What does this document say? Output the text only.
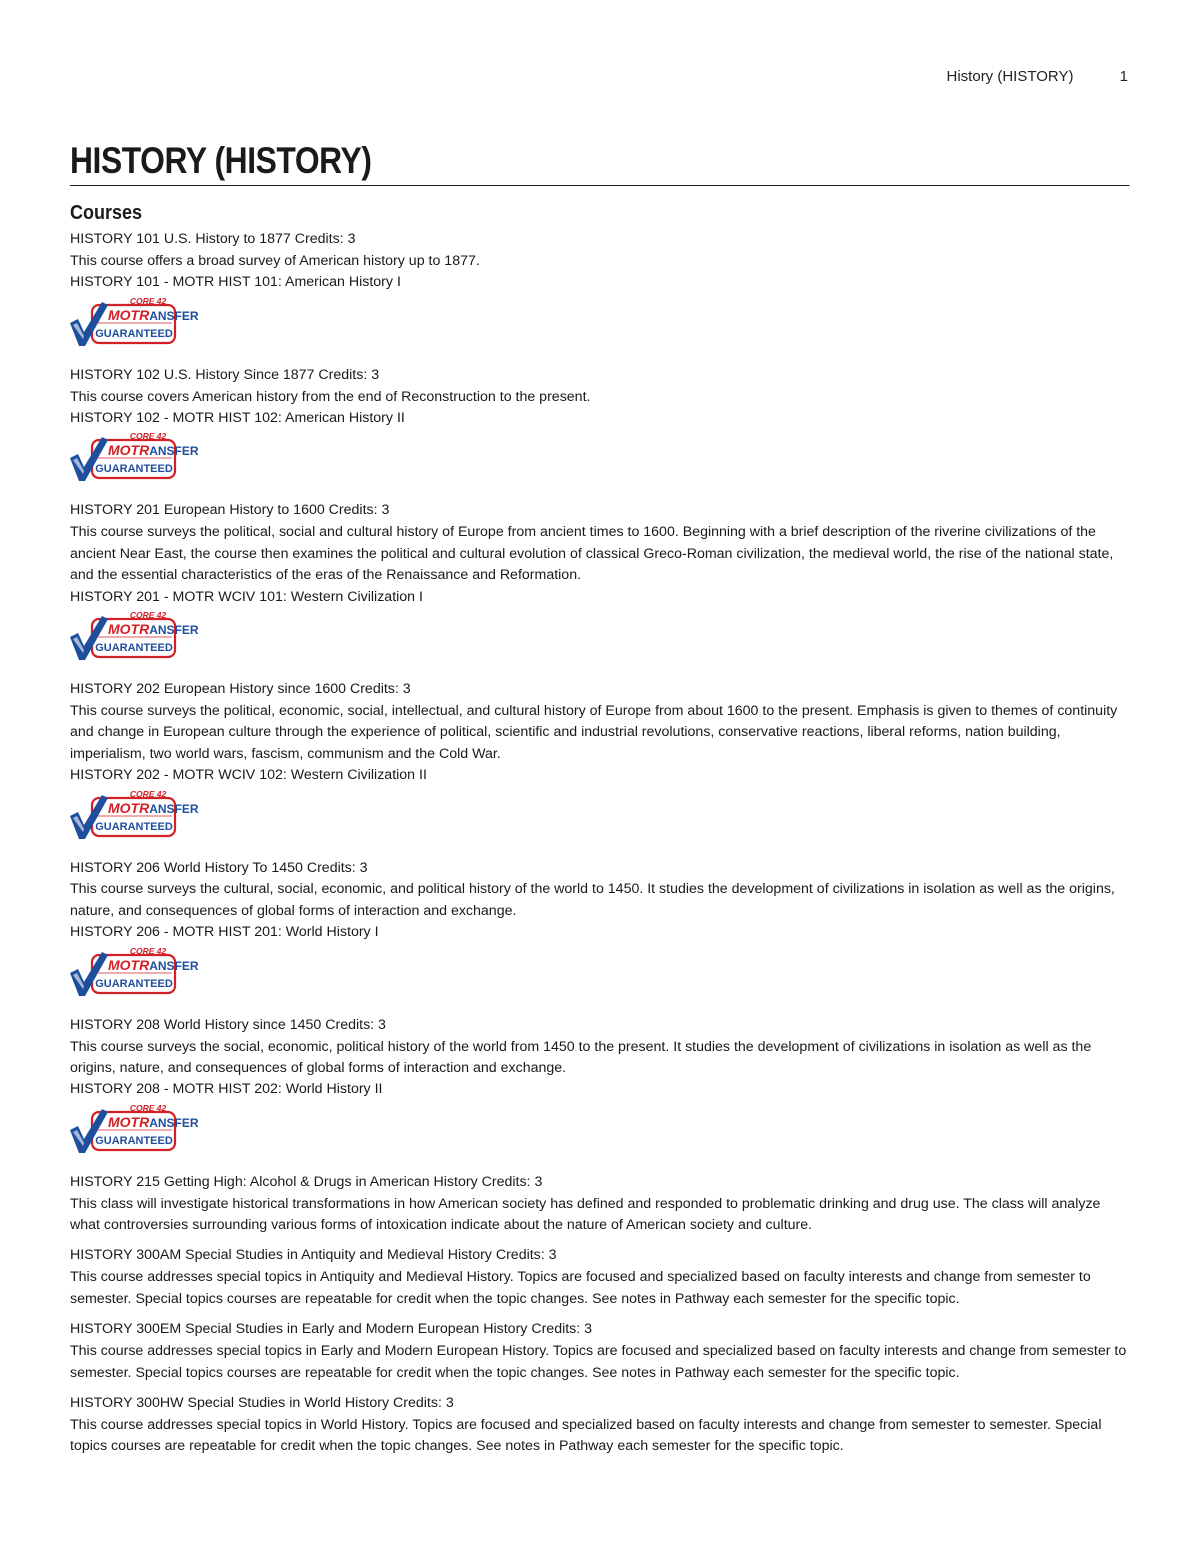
History (HISTORY)	1
HISTORY (HISTORY)
Courses

HISTORY 101 U.S. History to 1877 Credits: 3

This course offers a broad survey of American history up to 1877.

HISTORY 101 - MOTR HIST 101: American History I

CORE 42
MOTRANSFER
GUARANTEED

HISTORY 102 U.S. History Since 1877 Credits: 3

This course covers American history from the end of Reconstruction to the present.

HISTORY 102 - MOTR HIST 102: American History II

CORE 42
MOTRANSFER
GUARANTEED

HISTORY 201 European History to 1600 Credits: 3

This course surveys the political, social and cultural history of Europe from ancient times to 1600. Beginning with a brief description of the riverine civilizations of the ancient Near East, the course then examines the political and cultural evolution of classical Greco-Roman civilization, the medieval world, the rise of the national state, and the essential characteristics of the eras of the Renaissance and Reformation.

HISTORY 201 - MOTR WCIV 101: Western Civilization I

CORE 42
MOTRANSFER
GUARANTEED

HISTORY 202 European History since 1600 Credits: 3

This course surveys the political, economic, social, intellectual, and cultural history of Europe from about 1600 to the present. Emphasis is given to themes of continuity and change in European culture through the experience of political, scientific and industrial revolutions, conservative reactions, liberal reforms, nation building, imperialism, two world wars, fascism, communism and the Cold War.

HISTORY 202 - MOTR WCIV 102: Western Civilization II

CORE 42
MOTRANSFER
GUARANTEED

HISTORY 206 World History To 1450 Credits: 3

This course surveys the cultural, social, economic, and political history of the world to 1450. It studies the development of civilizations in isolation as well as the origins, nature, and consequences of global forms of interaction and exchange.

HISTORY 206 - MOTR HIST 201: World History I

CORE 42
MOTRANSFER
GUARANTEED

HISTORY 208 World History since 1450 Credits: 3

This course surveys the social, economic, political history of the world from 1450 to the present. It studies the development of civilizations in isolation as well as the origins, nature, and consequences of global forms of interaction and exchange.

HISTORY 208 - MOTR HIST 202: World History II

CORE 42
MOTRANSFER
GUARANTEED

HISTORY 215 Getting High: Alcohol & Drugs in American History Credits: 3

This class will investigate historical transformations in how American society has defined and responded to problematic drinking and drug use. The class will analyze what controversies surrounding various forms of intoxication indicate about the nature of American society and culture.

HISTORY 300AM Special Studies in Antiquity and Medieval History Credits: 3

This course addresses special topics in Antiquity and Medieval History. Topics are focused and specialized based on faculty interests and change from semester to semester. Special topics courses are repeatable for credit when the topic changes. See notes in Pathway each semester for the specific topic.

HISTORY 300EM Special Studies in Early and Modern European History Credits: 3

This course addresses special topics in Early and Modern European History. Topics are focused and specialized based on faculty interests and change from semester to semester. Special topics courses are repeatable for credit when the topic changes. See notes in Pathway each semester for the specific topic.

HISTORY 300HW Special Studies in World History Credits: 3

This course addresses special topics in World History. Topics are focused and specialized based on faculty interests and change from semester to semester. Special topics courses are repeatable for credit when the topic changes. See notes in Pathway each semester for the specific topic.
